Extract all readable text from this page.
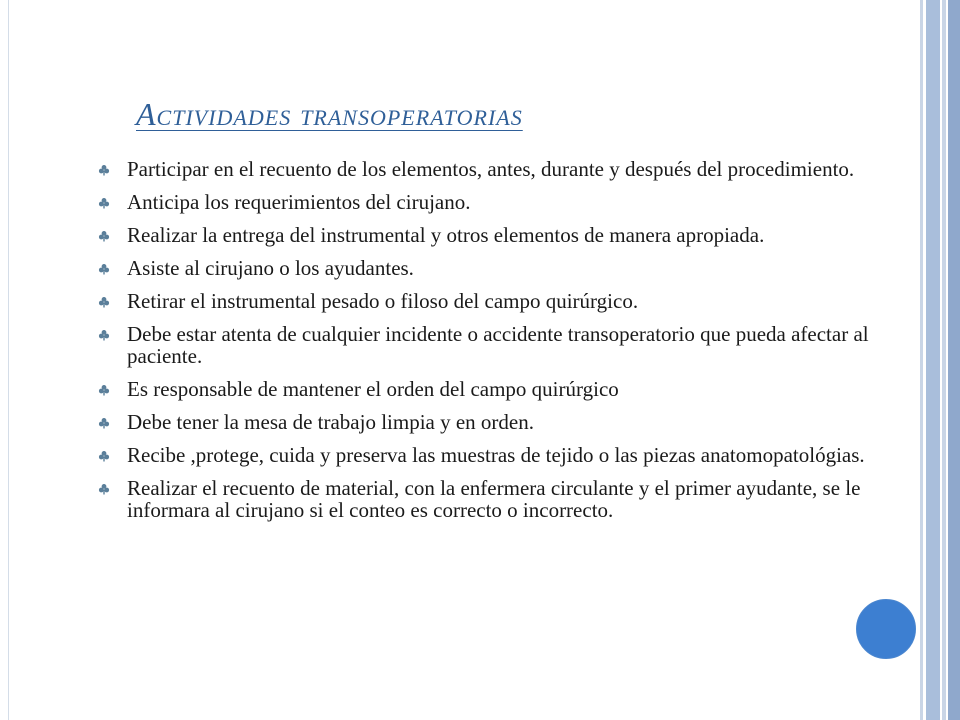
Actividades transoperatorias
Participar en el recuento de los elementos, antes, durante y después del procedimiento.
Anticipa los requerimientos del cirujano.
Realizar la entrega del instrumental y otros elementos de manera apropiada.
Asiste al cirujano o los ayudantes.
Retirar el instrumental pesado o filoso del campo quirúrgico.
Debe estar atenta de cualquier incidente o accidente transoperatorio que pueda afectar al paciente.
Es responsable de mantener el orden del campo quirúrgico
Debe tener la mesa de trabajo limpia y en orden.
Recibe ,protege, cuida y preserva las muestras de tejido o las piezas anatomopatológias.
Realizar el recuento de material, con la enfermera circulante y el primer ayudante, se le informara al cirujano si el conteo es correcto o incorrecto.
